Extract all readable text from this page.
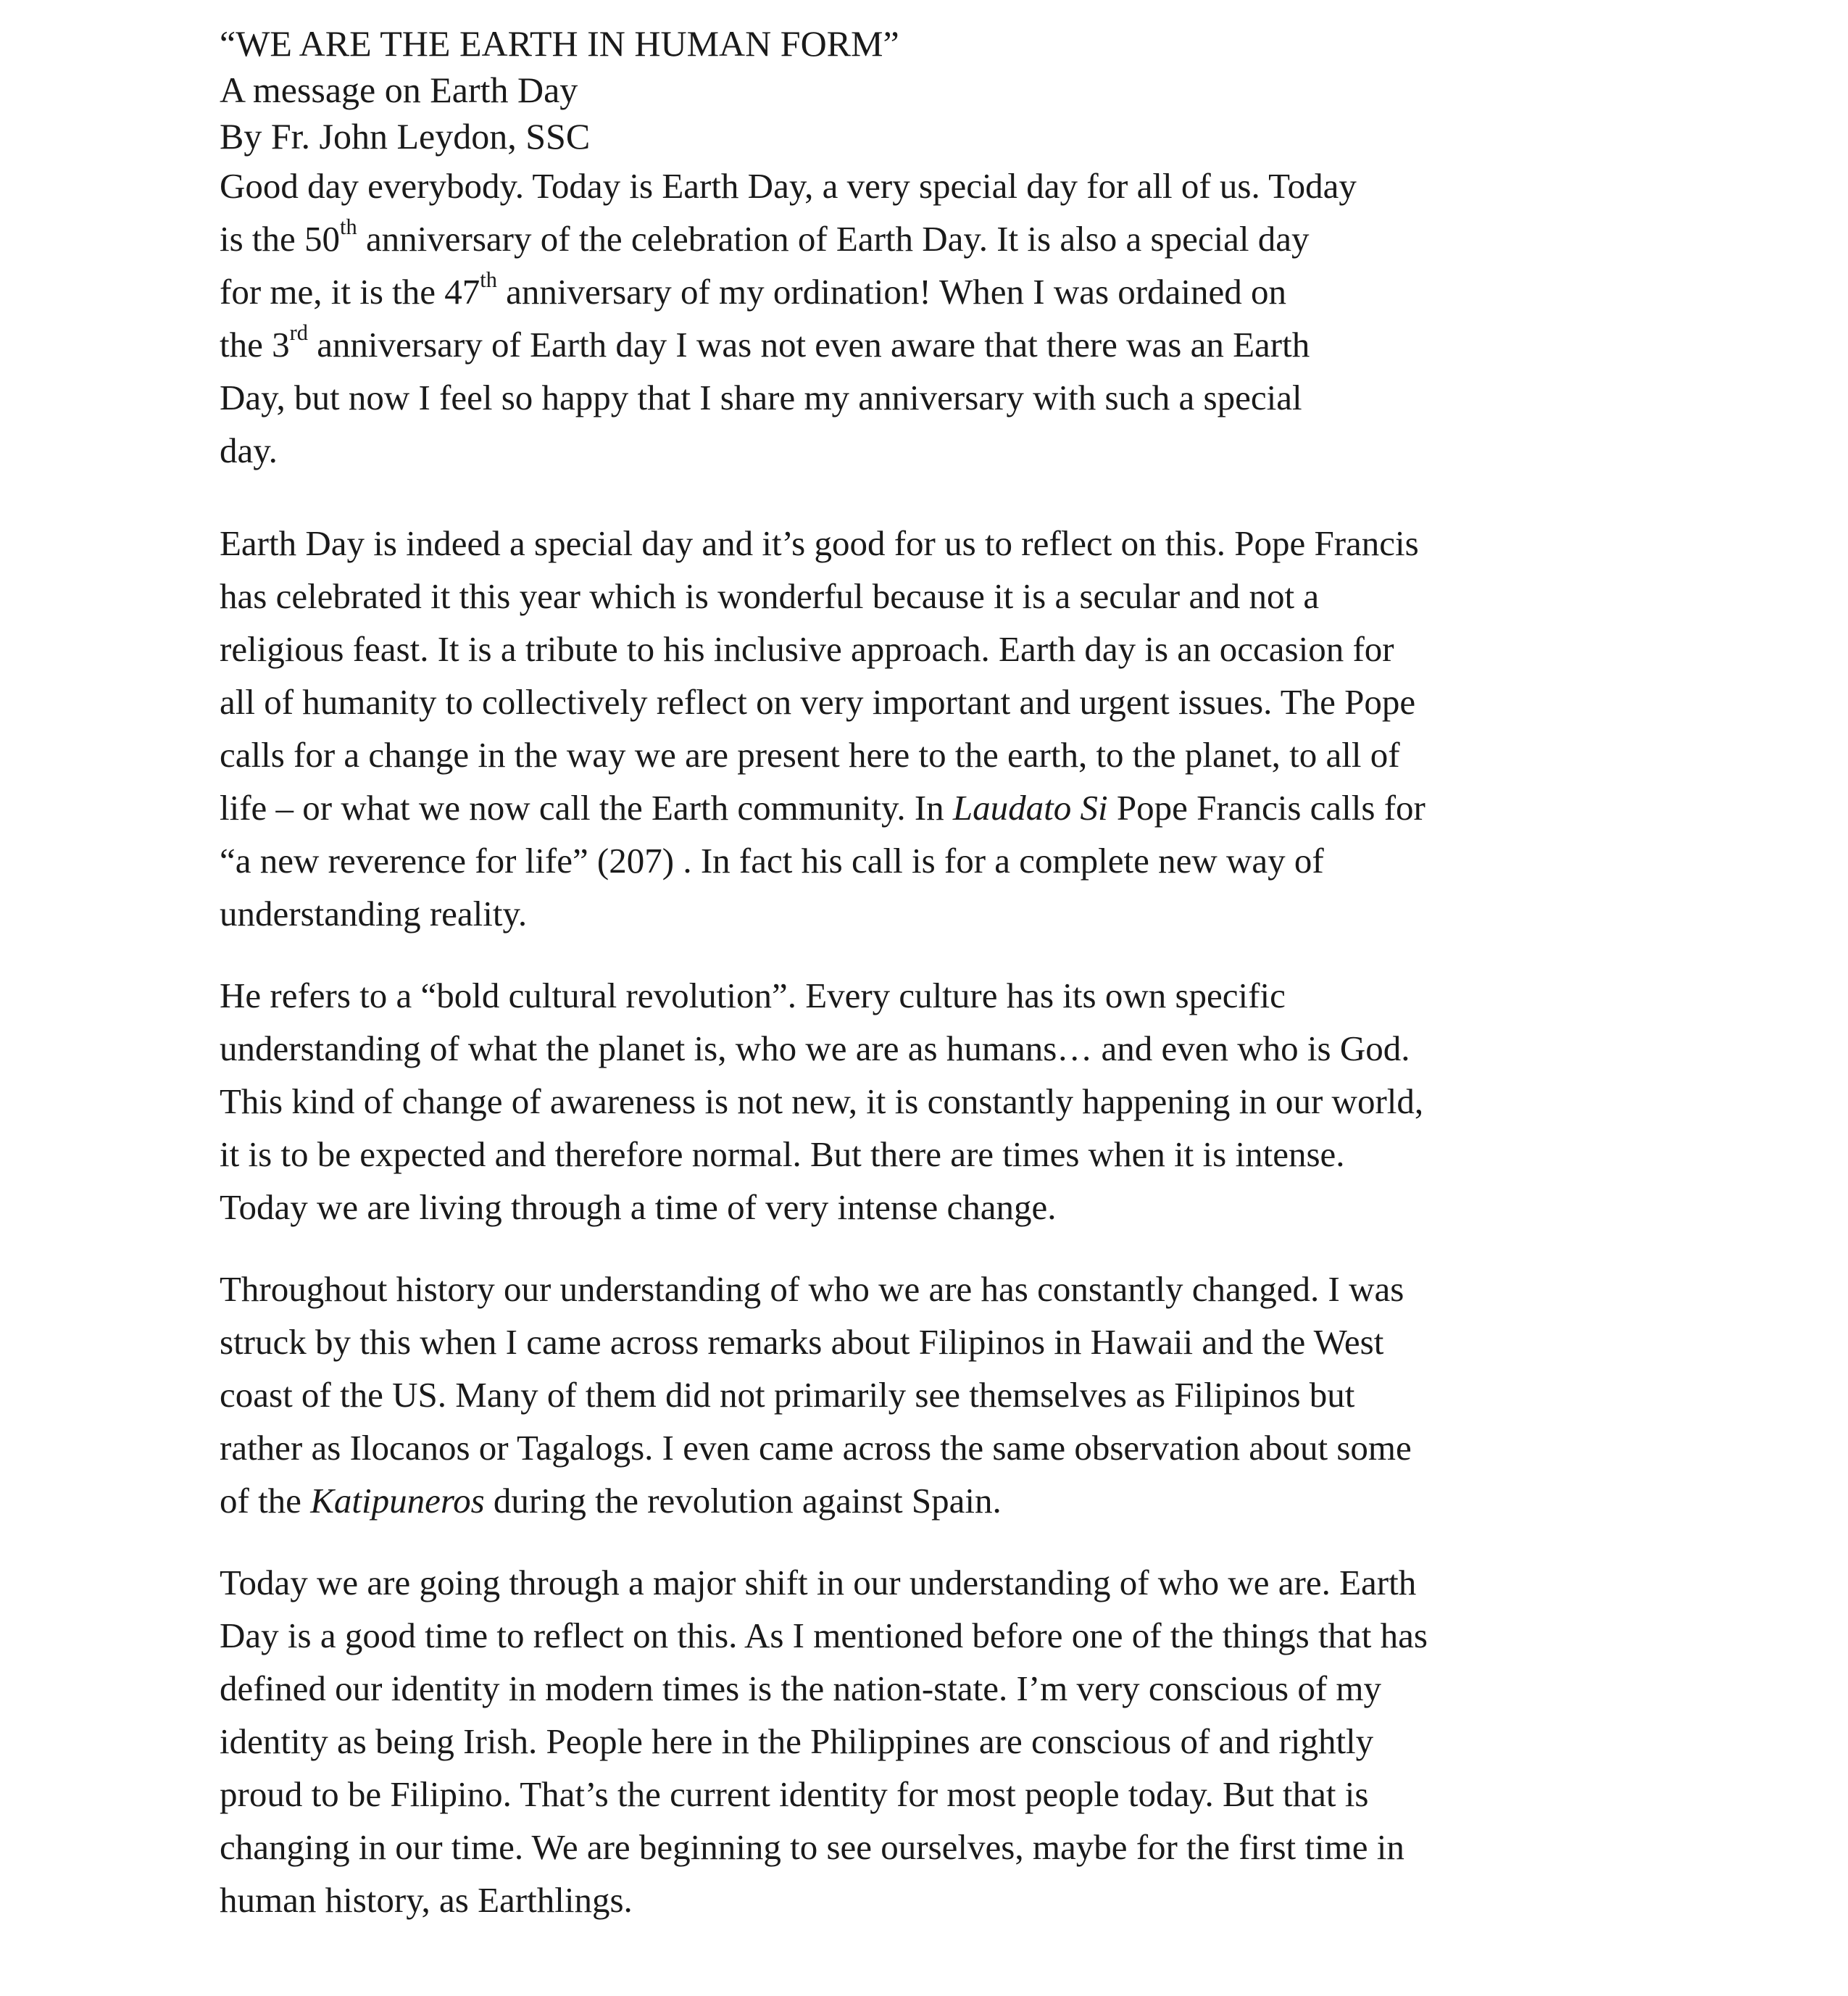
“WE ARE THE EARTH IN HUMAN FORM”
A message on Earth Day
By Fr. John Leydon, SSC

Good day everybody. Today is Earth Day, a very special day for all of us. Today
is the 50th anniversary of the celebration of Earth Day. It is also a special day
for me, it is the 47th anniversary of my ordination! When I was ordained on
the 3rd anniversary of Earth day I was not even aware that there was an Earth
Day, but now I feel so happy that I share my anniversary with such a special
day.

Earth Day is indeed a special day and it’s good for us to reflect on this. Pope Francis
has celebrated it this year which is wonderful because it is a secular and not a
religious feast. It is a tribute to his inclusive approach. Earth day is an occasion for
all of humanity to collectively reflect on very important and urgent issues. The Pope
calls for a change in the way we are present here to the earth, to the planet, to all of
life – or what we now call the Earth community. In Laudato Si Pope Francis calls for
“a new reverence for life” (207) . In fact his call is for a complete new way of
understanding reality.

He refers to a “bold cultural revolution”. Every culture has its own specific
understanding of what the planet is, who we are as humans… and even who is God.
This kind of change of awareness is not new, it is constantly happening in our world,
it is to be expected and therefore normal. But there are times when it is intense.
Today we are living through a time of very intense change.

Throughout history our understanding of who we are has constantly changed. I was
struck by this when I came across remarks about Filipinos in Hawaii and the West
coast of the US. Many of them did not primarily see themselves as Filipinos but
rather as Ilocanos or Tagalogs. I even came across the same observation about some
of the Katipuneros during the revolution against Spain.

Today we are going through a major shift in our understanding of who we are. Earth
Day is a good time to reflect on this. As I mentioned before one of the things that has
defined our identity in modern times is the nation-state. I’m very conscious of my
identity as being Irish. People here in the Philippines are conscious of and rightly
proud to be Filipino. That’s the current identity for most people today. But that is
changing in our time. We are beginning to see ourselves, maybe for the first time in
human history, as Earthlings.
